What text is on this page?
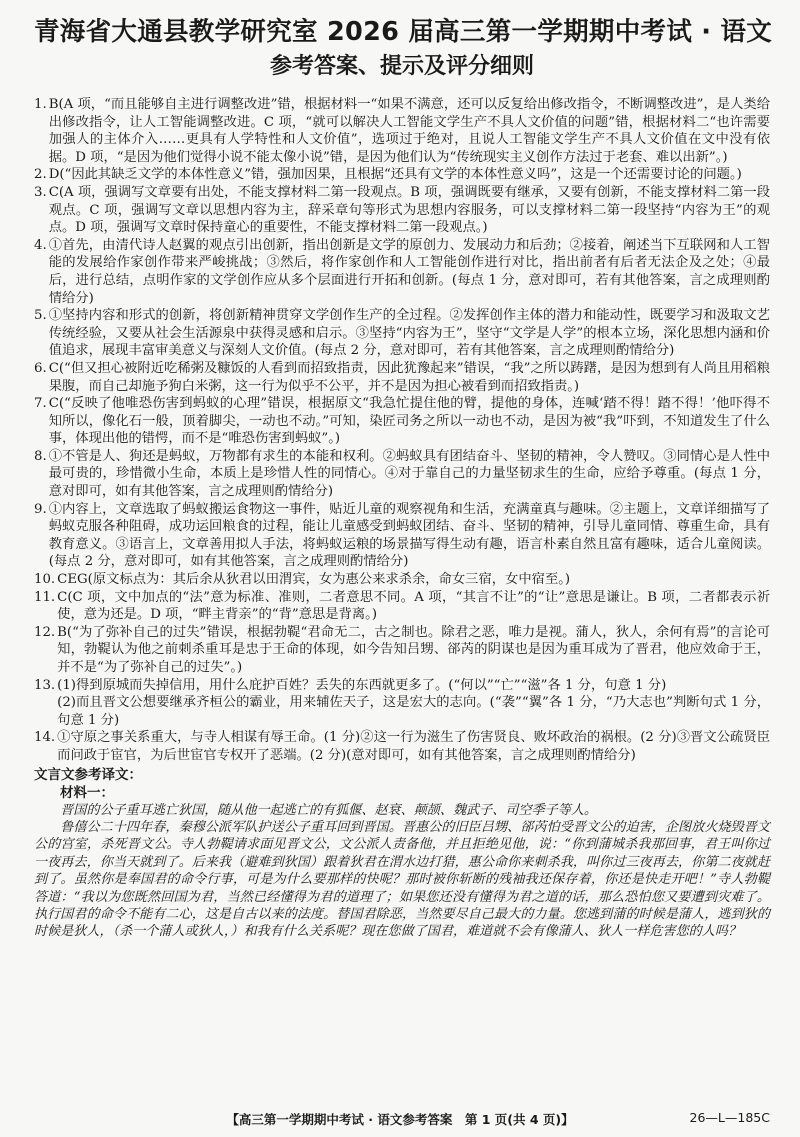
青海省大通县教学研究室 2026 届高三第一学期期中考试 · 语文
参考答案、提示及评分细则
1. B(A 项，“而且能够自主进行调整改进”错，根据材料一“如果不满意，还可以反复给出修改指令，不断调整改进”，是人类给出修改指令，让人工智能调整改进。C 项，“就可以解决人工智能文学生产不具人文价值的问题”错，根据材料二“也许需要加强人的主体介入……更具有人学特性和人文价值”，选项过于绝对，且说人工智能文学生产不具人文价值在文中没有依据。D 项，“是因为他们觉得小说不能太像小说”错，是因为他们认为“传统现实主义创作方法过于老套、难以出新”。)
2. D(“因此其缺乏文学的本体性意义”错，强加因果，且根据“还具有文学的本体性意义吗”，这是一个还需要讨论的问题。)
3. C(A 项，强调写文章要有出处，不能支撑材料二第一段观点。B 项，强调既要有继承，又要有创新，不能支撑材料二第一段观点。C 项，强调写文章以思想内容为主，辞采章句等形式为思想内容服务，可以支撑材料二第一段坚持“内容为王”的观点。D 项，强调写文章时保持童心的重要性，不能支撑材料二第一段观点。)
4. ①首先，由清代诗人赵翼的观点引出创新，指出创新是文学的原创力、发展动力和后劲；②接着，阐述当下互联网和人工智能的发展给作家创作带来严峻挑战；③然后，将作家创作和人工智能创作进行对比，指出前者有后者无法企及之处；④最后，进行总结，点明作家的文学创作应从多个层面进行开拓和创新。(每点 1 分，意对即可，若有其他答案，言之成理则酌情给分)
5. ①坚持内容和形式的创新，将创新精神贯穿文学创作生产的全过程。②发挥创作主体的潜力和能动性，既要学习和汲取文艺传统经验，又要从社会生活源泉中获得灵感和启示。③坚持“内容为王”，坚守“文学是人学”的根本立场，深化思想内涵和价值追求，展现丰富审美意义与深刻人文价值。(每点 2 分，意对即可，若有其他答案，言之成理则酌情给分)
6. C(“但又担心被附近吃稀粥及糠饭的人看到而招致指责，因此犹豫起来”错误，“我”之所以踌躇，是因为想到有人尚且用稻粮果腹，而自己却施予狗白米粥，这一行为似乎不公平，并不是因为担心被看到而招致指责。)
7. C(“反映了他唯恐伤害到蚂蚁的心理”错误，根据原文“我急忙提住他的臂，提他的身体，连喊‘踏不得！踏不得！’他吓得不知所以，像化石一般，顶着脚尖，一动也不动。”可知，染匠司务之所以一动也不动，是因为被“我”吓到，不知道发生了什么事，体现出他的错愕，而不是“唯恐伤害到蚂蚁”。)
8. ①不管是人、狗还是蚂蚁，万物都有求生的本能和权利。②蚂蚁具有团结奋斗、坚韧的精神，令人赞叹。③同情心是人性中最可贵的，珍惜微小生命，本质上是珍惜人性的同情心。④对于靠自己的力量坚韧求生的生命，应给予尊重。(每点 1 分，意对即可，如有其他答案，言之成理则酌情给分)
9. ①内容上，文章选取了蚂蚁搬运食物这一事件，贴近儿童的观察视角和生活，充满童真与趣味。②主题上，文章详细描写了蚂蚁克服各种阻碍，成功运回粮食的过程，能让儿童感受到蚂蚁团结、奋斗、坚韧的精神，引导儿童同情、尊重生命，具有教育意义。③语言上，文章善用拟人手法，将蚂蚁运粮的场景描写得生动有趣，语言朴素自然且富有趣味，适合儿童阅读。(每点 2 分，意对即可，如有其他答案，言之成理则酌情给分)
10. CEG(原文标点为：其后余从狄君以田渭宾，女为惠公来求杀余，命女三宿，女中宿至。)
11. C(C 项，文中加点的“法”意为标准、准则，二者意思不同。A 项，“其言不让”的“让”意思是谦让。B 项，二者都表示祈使，意为还是。D 项，“畔主背亲”的“背”意思是背离。)
12. B(“为了弥补自己的过失”错误，根据勃鞮“君命无二，古之制也。除君之恶，唯力是视。蒲人，狄人，余何有焉”的言论可知，勃鞮认为他之前刺杀重耳是忠于王命的体现，如今告知吕甥、郤芮的阴谋也是因为重耳成为了晋君，他应效命于王，并不是“为了弥补自己的过失”。)
13. (1)得到原城而失掉信用，用什么庇护百姓？丢失的东西就更多了。(“何以”“亡”“滋”各 1 分，句意 1 分)
(2)而且晋文公想要继承齐桓公的霸业，用来辅佐天子，这是宏大的志向。(“袭”“翼”各 1 分，“乃大志也”判断句式 1 分，句意 1 分)
14. ①守原之事关系重大，与寺人相谋有辱王命。(1 分)②这一行为滋生了伤害贤良、败坏政治的祸根。(2 分)③晋文公疏贤臣而问政于宦官，为后世宦官专权开了恶端。(2 分)(意对即可，如有其他答案，言之成理则酌情给分)
文言文参考译文：
材料一：
晋国的公子重耳逃亡狄国，随从他一起逃亡的有狐偃、赵衰、颠颉、魏武子、司空季子等人。
鲁僖公二十四年春，秦穆公派军队护送公子重耳回到晋国。晋惠公的旧臣吕甥、郤芮怕受晋文公的迫害，企图放火烧毁晋文公的宫室，杀死晋文公。寺人勃鞮请求面见晋文公，文公派人责备他，并且拒绝见他，说：“你到蒲城杀我那回事，君王叫你过一夜再去，你当天就到了。后来我（避难到狄国）跟着狄君在渭水边打猎，惠公命你来刺杀我，叫你过三夜再去，你第二夜就赶到了。虽然你是奉国君的命令行事，可是为什么要那样的快呢？那时被你斩断的残袖我还保存着，你还是快走开吧！”寺人勃鞮答道：“我以为您既然回国为君，当然已经懂得为君的道理了；如果您还没有懂得为君之道的话，那么恐怕您又要遭到灾难了。执行国君的命令不能有二心，这是自古以来的法度。替国君除恶，当然要尽自己最大的力量。您逃到蒲的时候是蒲人，逃到狄的时候是狄人，（杀一个蒲人或狄人，）和我有什么关系呢？现在您做了国君，难道就不会有像蒲人、狄人一样危害您的人吗？
【高三第一学期期中考试 · 语文参考答案　第 1 页(共 4 页)】	26—L—185C
